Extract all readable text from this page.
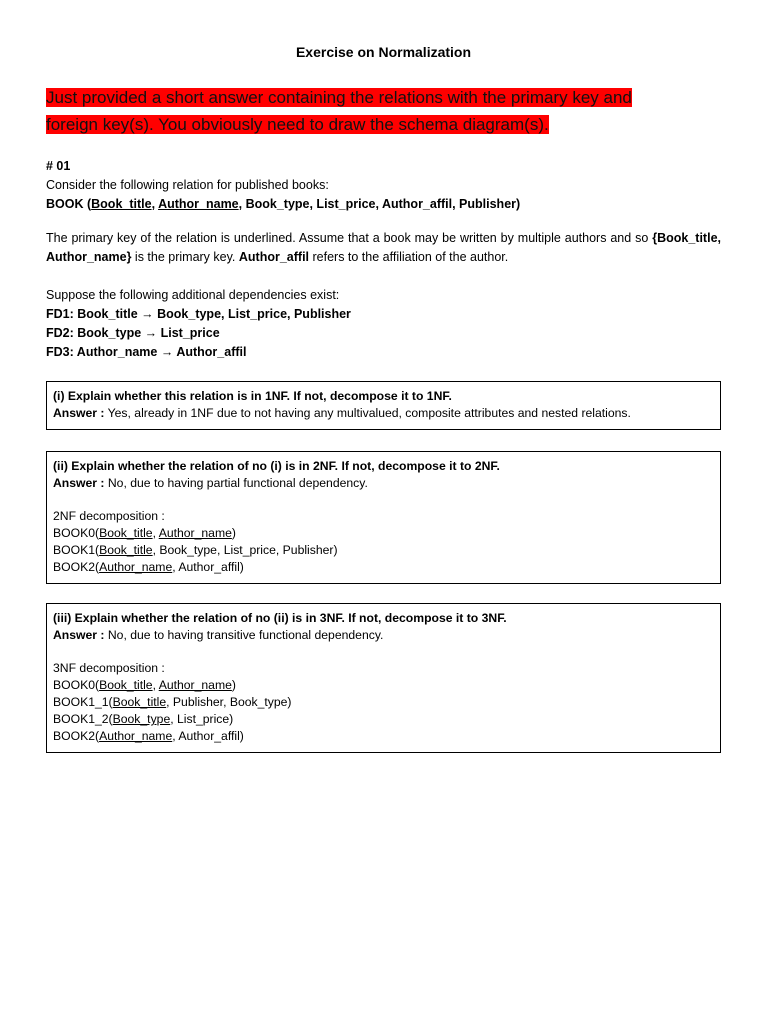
Exercise on Normalization
Just provided a short answer containing the relations with the primary key and
foreign key(s). You obviously need to draw the schema diagram(s).
# 01
Consider the following relation for published books:
BOOK (Book_title, Author_name, Book_type, List_price, Author_affil, Publisher)
The primary key of the relation is underlined. Assume that a book may be written by multiple authors and so {Book_title, Author_name} is the primary key. Author_affil refers to the affiliation of the author.
Suppose the following additional dependencies exist:
FD1: Book_title → Book_type, List_price, Publisher
FD2: Book_type → List_price
FD3: Author_name → Author_affil
(i) Explain whether this relation is in 1NF. If not, decompose it to 1NF.
Answer : Yes, already in 1NF due to not having any multivalued, composite attributes and nested relations.
(ii) Explain whether the relation of no (i) is in 2NF. If not, decompose it to 2NF.
Answer : No, due to having partial functional dependency.
2NF decomposition :
BOOK0(Book_title, Author_name)
BOOK1(Book_title, Book_type, List_price, Publisher)
BOOK2(Author_name, Author_affil)
(iii) Explain whether the relation of no (ii) is in 3NF. If not, decompose it to 3NF.
Answer : No, due to having transitive functional dependency.
3NF decomposition :
BOOK0(Book_title, Author_name)
BOOK1_1(Book_title, Publisher, Book_type)
BOOK1_2(Book_type, List_price)
BOOK2(Author_name, Author_affil)
